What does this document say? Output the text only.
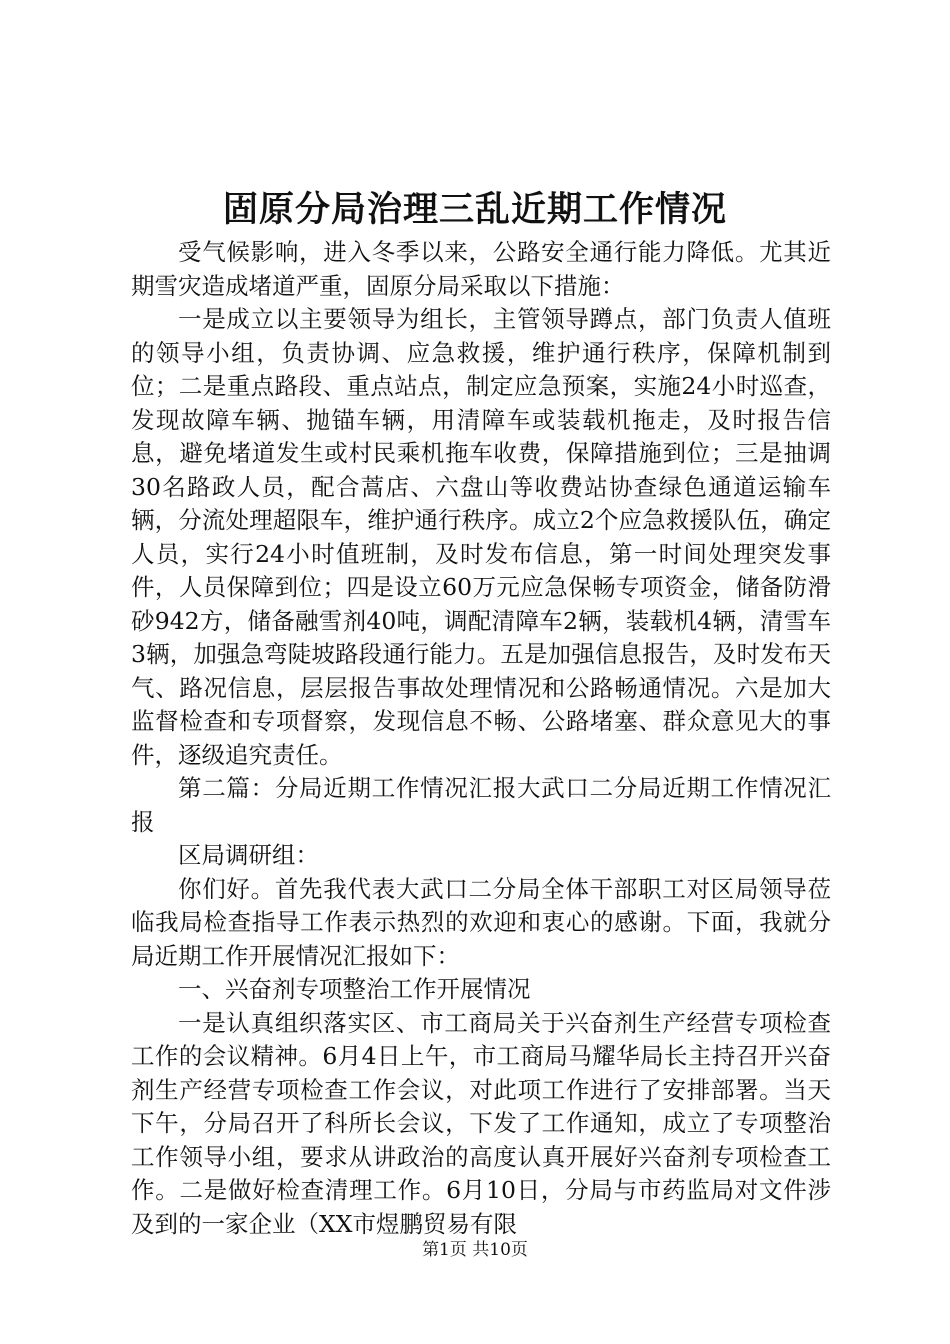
固原分局治理三乱近期工作情况

受气候影响，进入冬季以来，公路安全通行能力降低。尤其近期雪灾造成堵道严重，固原分局采取以下措施：

一是成立以主要领导为组长，主管领导蹲点，部门负责人值班的领导小组，负责协调、应急救援，维护通行秩序，保障机制到位；二是重点路段、重点站点，制定应急预案，实施24小时巡查，发现故障车辆、抛锚车辆，用清障车或装载机拖走，及时报告信息，避免堵道发生或村民乘机拖车收费，保障措施到位；三是抽调30名路政人员，配合蒿店、六盘山等收费站协查绿色通道运输车辆，分流处理超限车，维护通行秩序。成立2个应急救援队伍，确定人员，实行24小时值班制，及时发布信息，第一时间处理突发事件，人员保障到位；四是设立60万元应急保畅专项资金，储备防滑砂942方，储备融雪剂40吨，调配清障车2辆，装载机4辆，清雪车3辆，加强急弯陡坡路段通行能力。五是加强信息报告，及时发布天气、路况信息，层层报告事故处理情况和公路畅通情况。六是加大监督检查和专项督察，发现信息不畅、公路堵塞、群众意见大的事件，逐级追究责任。

第二篇：分局近期工作情况汇报大武口二分局近期工作情况汇报

区局调研组：

你们好。首先我代表大武口二分局全体干部职工对区局领导莅临我局检查指导工作表示热烈的欢迎和衷心的感谢。下面，我就分局近期工作开展情况汇报如下：

一、兴奋剂专项整治工作开展情况

一是认真组织落实区、市工商局关于兴奋剂生产经营专项检查工作的会议精神。6月4日上午，市工商局马耀华局长主持召开兴奋剂生产经营专项检查工作会议，对此项工作进行了安排部署。当天下午，分局召开了科所长会议，下发了工作通知，成立了专项整治工作领导小组，要求从讲政治的高度认真开展好兴奋剂专项检查工作。二是做好检查清理工作。6月10日，分局与市药监局对文件涉及到的一家企业（XX市煜鹏贸易有限

第1页 共10页
